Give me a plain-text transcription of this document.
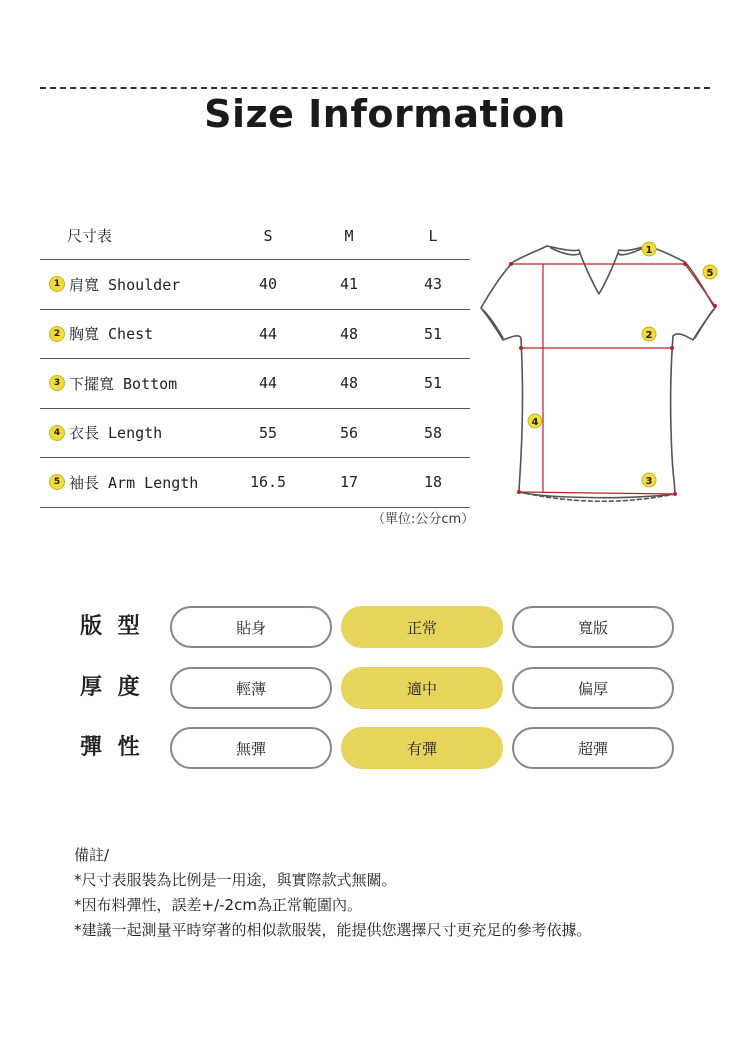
Size Information
尺寸表	S	M	L
1 肩寬 Shoulder	40	41	43
2 胸寬 Chest	44	48	51
3 下擺寬 Bottom	44	48	51
4 衣長 Length	55	56	58
5 袖長 Arm Length	16.5	17	18
（單位:公分cm）
1
2
3
4
5
版 型	貼身	正常	寬版
厚 度	輕薄	適中	偏厚
彈 性	無彈	有彈	超彈
備註/
*尺寸表服裝為比例是一用途，與實際款式無關。
*因布料彈性，誤差+/-2cm為正常範圍內。
*建議一起測量平時穿著的相似款服裝，能提供您選擇尺寸更充足的參考依據。
